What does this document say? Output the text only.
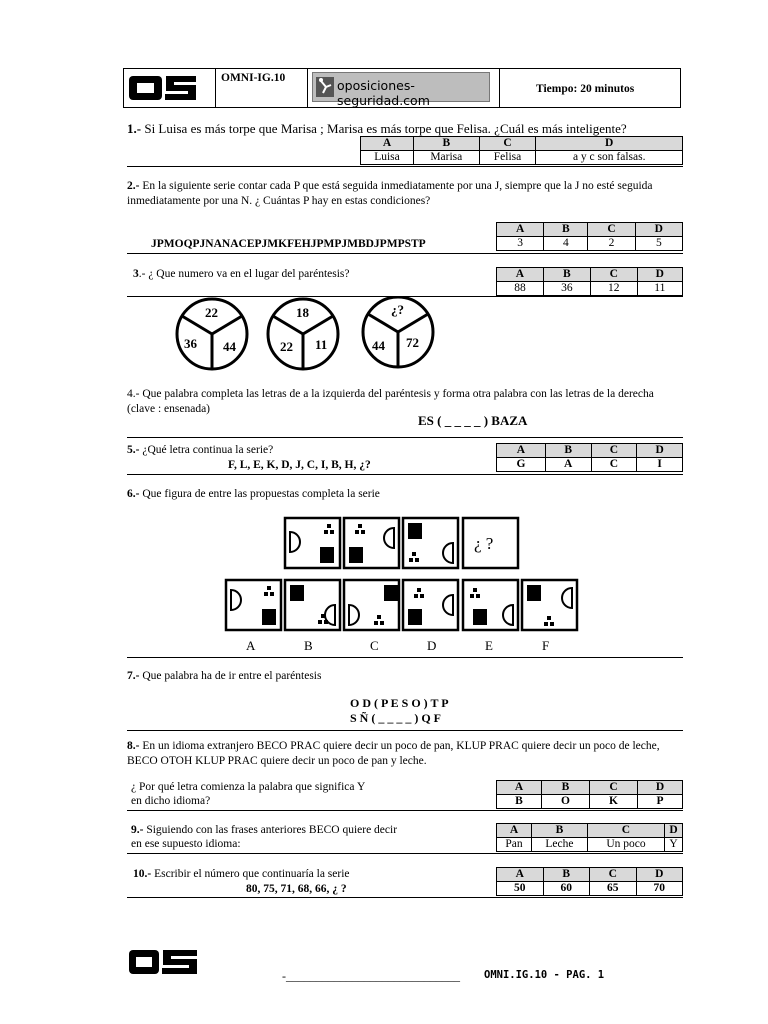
OMNI-IG.10	oposiciones-seguridad.com
Tiempo: 20 minutos
1.- Si Luisa es más torpe que Marisa ; Marisa es más torpe que Felisa. ¿Cuál es más inteligente?
A	B	C	D
Luisa	Marisa	Felisa	a y c son falsas.
2.- En la siguiente serie contar cada P que está seguida inmediatamente por una J, siempre que la J no esté seguida inmediatamente por una N. ¿ Cuántas P hay en estas condiciones?
JPMOQPJNANACEPJMKFEHJPMPJMBDJPMPSTP
A	B	C	D
3	4	2	5
3.- ¿ Que numero va en el lugar del paréntesis?	A	B	C	D
88	36	12	11
22
36 44
18
22 11
¿?
44 72
4.- Que palabra completa las letras de a la izquierda del paréntesis y forma otra palabra con las letras de la derecha (clave : ensenada)
ES ( _ _ _ _ ) BAZA
5.- ¿Qué letra continua la serie?
F, L, E, K, D, J, C, I, B, H, ¿?
A	B	C	D
G	A	C	I
6.- Que figura de entre las propuestas completa la serie
¿ ?
A	B	C	D	E	F
7.- Que palabra ha de ir entre el paréntesis
O D ( P E S O ) T P
S Ñ ( _ _ _ _ ) Q F
8.- En un idioma extranjero BECO PRAC quiere decir un poco de pan, KLUP PRAC quiere decir un poco de leche, BECO OTOH KLUP PRAC quiere decir un poco de pan y leche.
¿ Por qué letra comienza la palabra que significa Y
en dicho idioma?
A	B	C	D
B	O	K	P
9.- Siguiendo con las frases anteriores BECO quiere decir
en ese supuesto idioma:
A	B	C	D
Pan	Leche	Un poco	Y
10.- Escribir el número que continuaría la serie
80, 75, 71, 68, 66, ¿ ?
A	B	C	D
50	60	65	70
-_____________________________ OMNI.IG.10 - PAG. 1
